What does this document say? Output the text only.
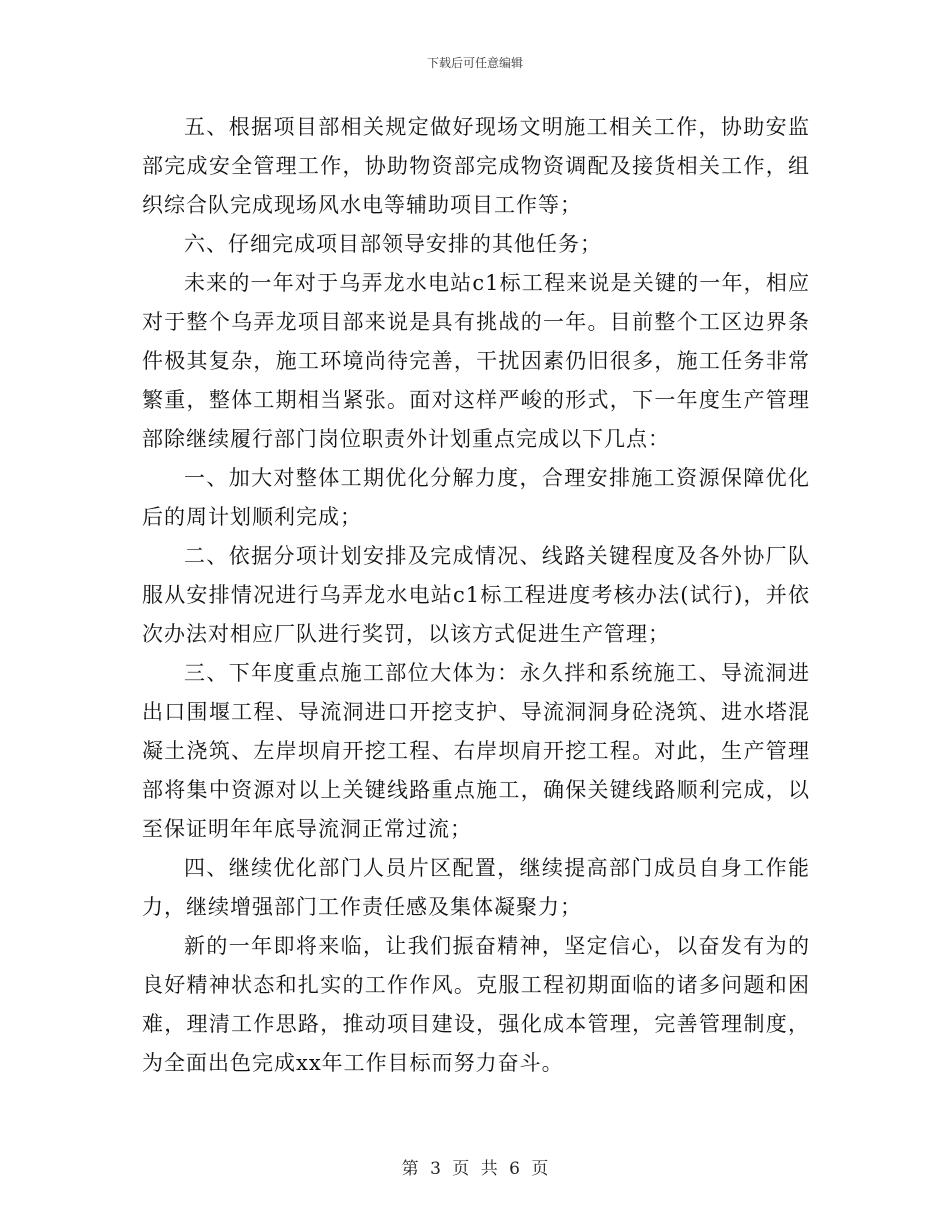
下载后可任意编辑

五、根据项目部相关规定做好现场文明施工相关工作，协助安监部完成安全管理工作，协助物资部完成物资调配及接货相关工作，组织综合队完成现场风水电等辅助项目工作等；

六、仔细完成项目部领导安排的其他任务；

未来的一年对于乌弄龙水电站c1标工程来说是关键的一年，相应对于整个乌弄龙项目部来说是具有挑战的一年。目前整个工区边界条件极其复杂，施工环境尚待完善，干扰因素仍旧很多，施工任务非常繁重，整体工期相当紧张。面对这样严峻的形式，下一年度生产管理部除继续履行部门岗位职责外计划重点完成以下几点：

一、加大对整体工期优化分解力度，合理安排施工资源保障优化后的周计划顺利完成；

二、依据分项计划安排及完成情况、线路关键程度及各外协厂队服从安排情况进行乌弄龙水电站c1标工程进度考核办法(试行)，并依次办法对相应厂队进行奖罚，以该方式促进生产管理；

三、下年度重点施工部位大体为：永久拌和系统施工、导流洞进出口围堰工程、导流洞进口开挖支护、导流洞洞身砼浇筑、进水塔混凝土浇筑、左岸坝肩开挖工程、右岸坝肩开挖工程。对此，生产管理部将集中资源对以上关键线路重点施工，确保关键线路顺利完成，以至保证明年年底导流洞正常过流；

四、继续优化部门人员片区配置，继续提高部门成员自身工作能力，继续增强部门工作责任感及集体凝聚力；

新的一年即将来临，让我们振奋精神，坚定信心，以奋发有为的良好精神状态和扎实的工作作风。克服工程初期面临的诸多问题和困难，理清工作思路，推动项目建设，强化成本管理，完善管理制度，为全面出色完成xx年工作目标而努力奋斗。

第 3 页 共 6 页
